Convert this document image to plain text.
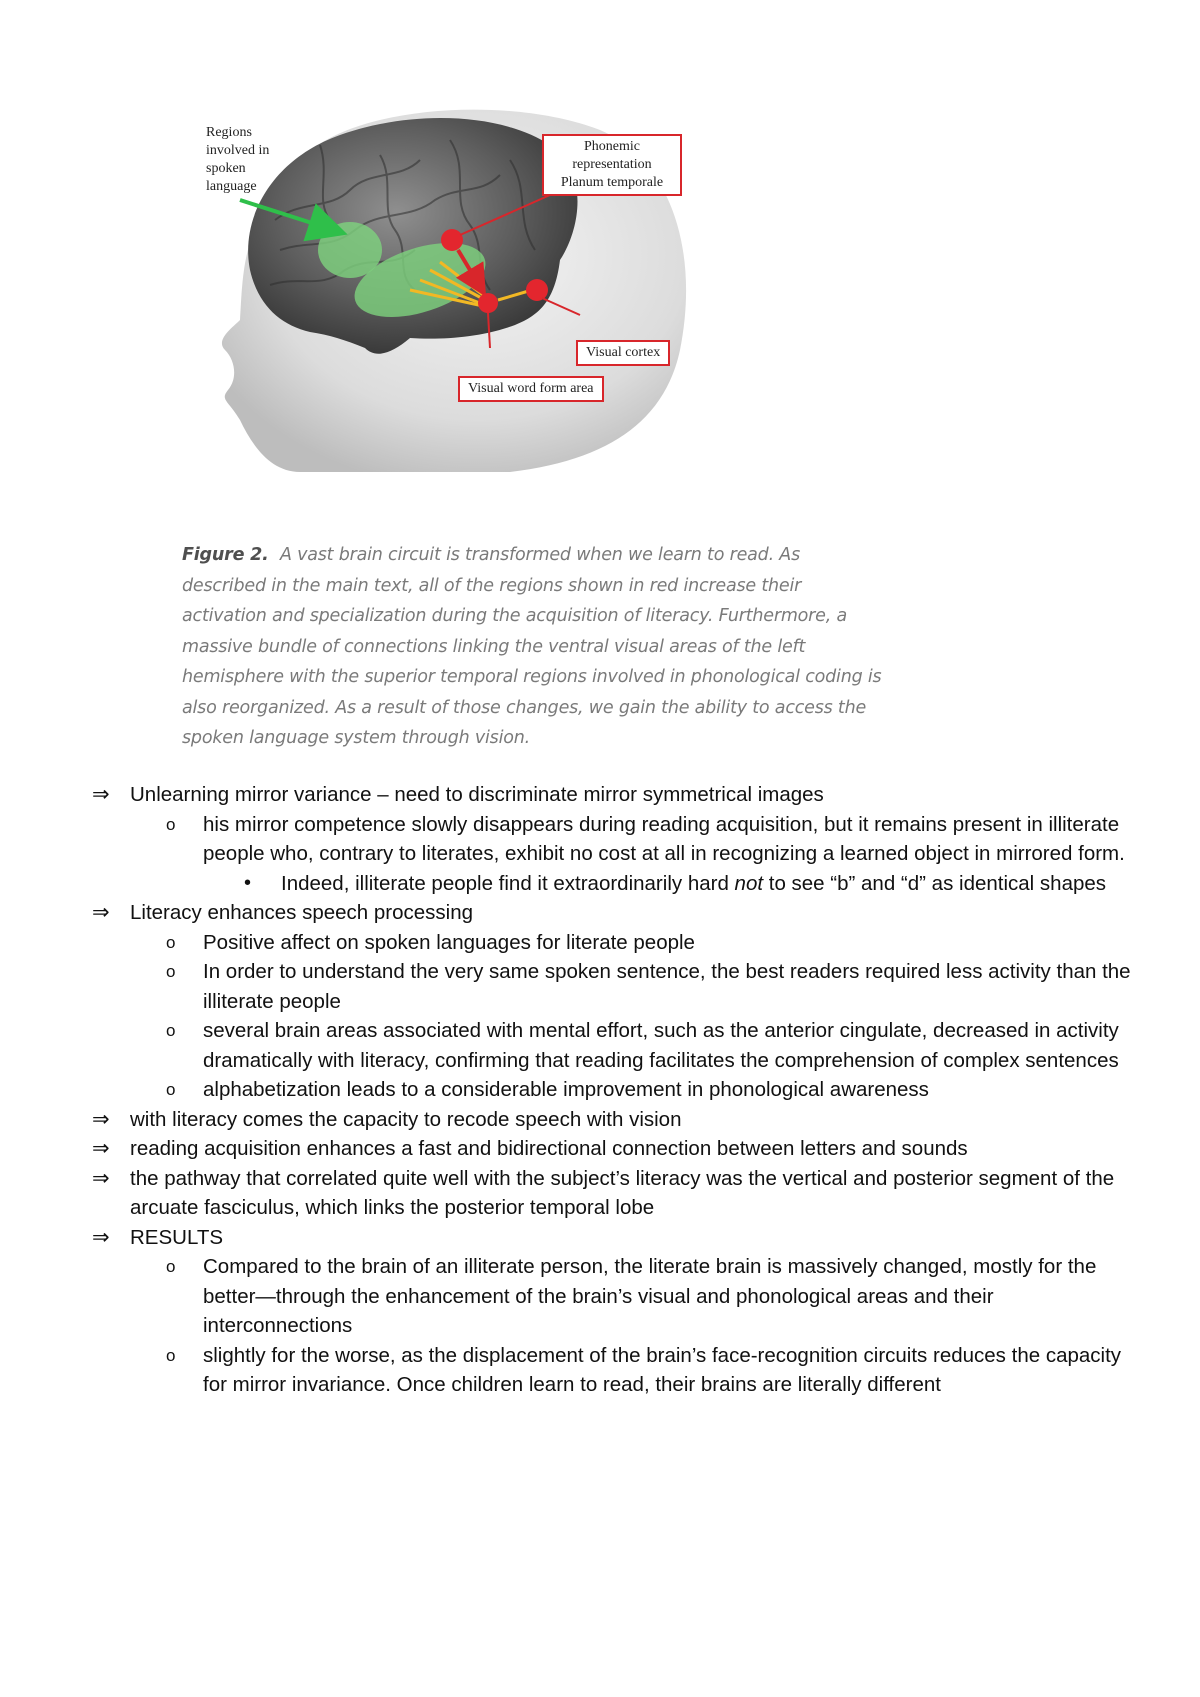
Regions involved in spoken language
Phonemic
representation
Planum temporale
Visual cortex
Visual word form area
Figure 2. A vast brain circuit is transformed when we learn to read. As described in the main text, all of the regions shown in red increase their activation and specialization during the acquisition of literacy. Furthermore, a massive bundle of connections linking the ventral visual areas of the left hemisphere with the superior temporal regions involved in phonological coding is also reorganized. As a result of those changes, we gain the ability to access the spoken language system through vision.
⇒ Unlearning mirror variance – need to discriminate mirror symmetrical images
o his mirror competence slowly disappears during reading acquisition, but it remains present in illiterate people who, contrary to literates, exhibit no cost at all in recognizing a learned object in mirrored form.
• Indeed, illiterate people find it extraordinarily hard not to see “b” and “d” as identical shapes
⇒ Literacy enhances speech processing
o Positive affect on spoken languages for literate people
o In order to understand the very same spoken sentence, the best readers required less activity than the illiterate people
o several brain areas associated with mental effort, such as the anterior cingulate, decreased in activity dramatically with literacy, confirming that reading facilitates the comprehension of complex sentences
o alphabetization leads to a considerable improvement in phonological awareness
⇒ with literacy comes the capacity to recode speech with vision
⇒ reading acquisition enhances a fast and bidirectional connection between letters and sounds
⇒ the pathway that correlated quite well with the subject’s literacy was the vertical and posterior segment of the arcuate fasciculus, which links the posterior temporal lobe
⇒ RESULTS
o Compared to the brain of an illiterate person, the literate brain is massively changed, mostly for the better—through the enhancement of the brain’s visual and phonological areas and their interconnections
o slightly for the worse, as the displacement of the brain’s face-recognition circuits reduces the capacity for mirror invariance. Once children learn to read, their brains are literally different
